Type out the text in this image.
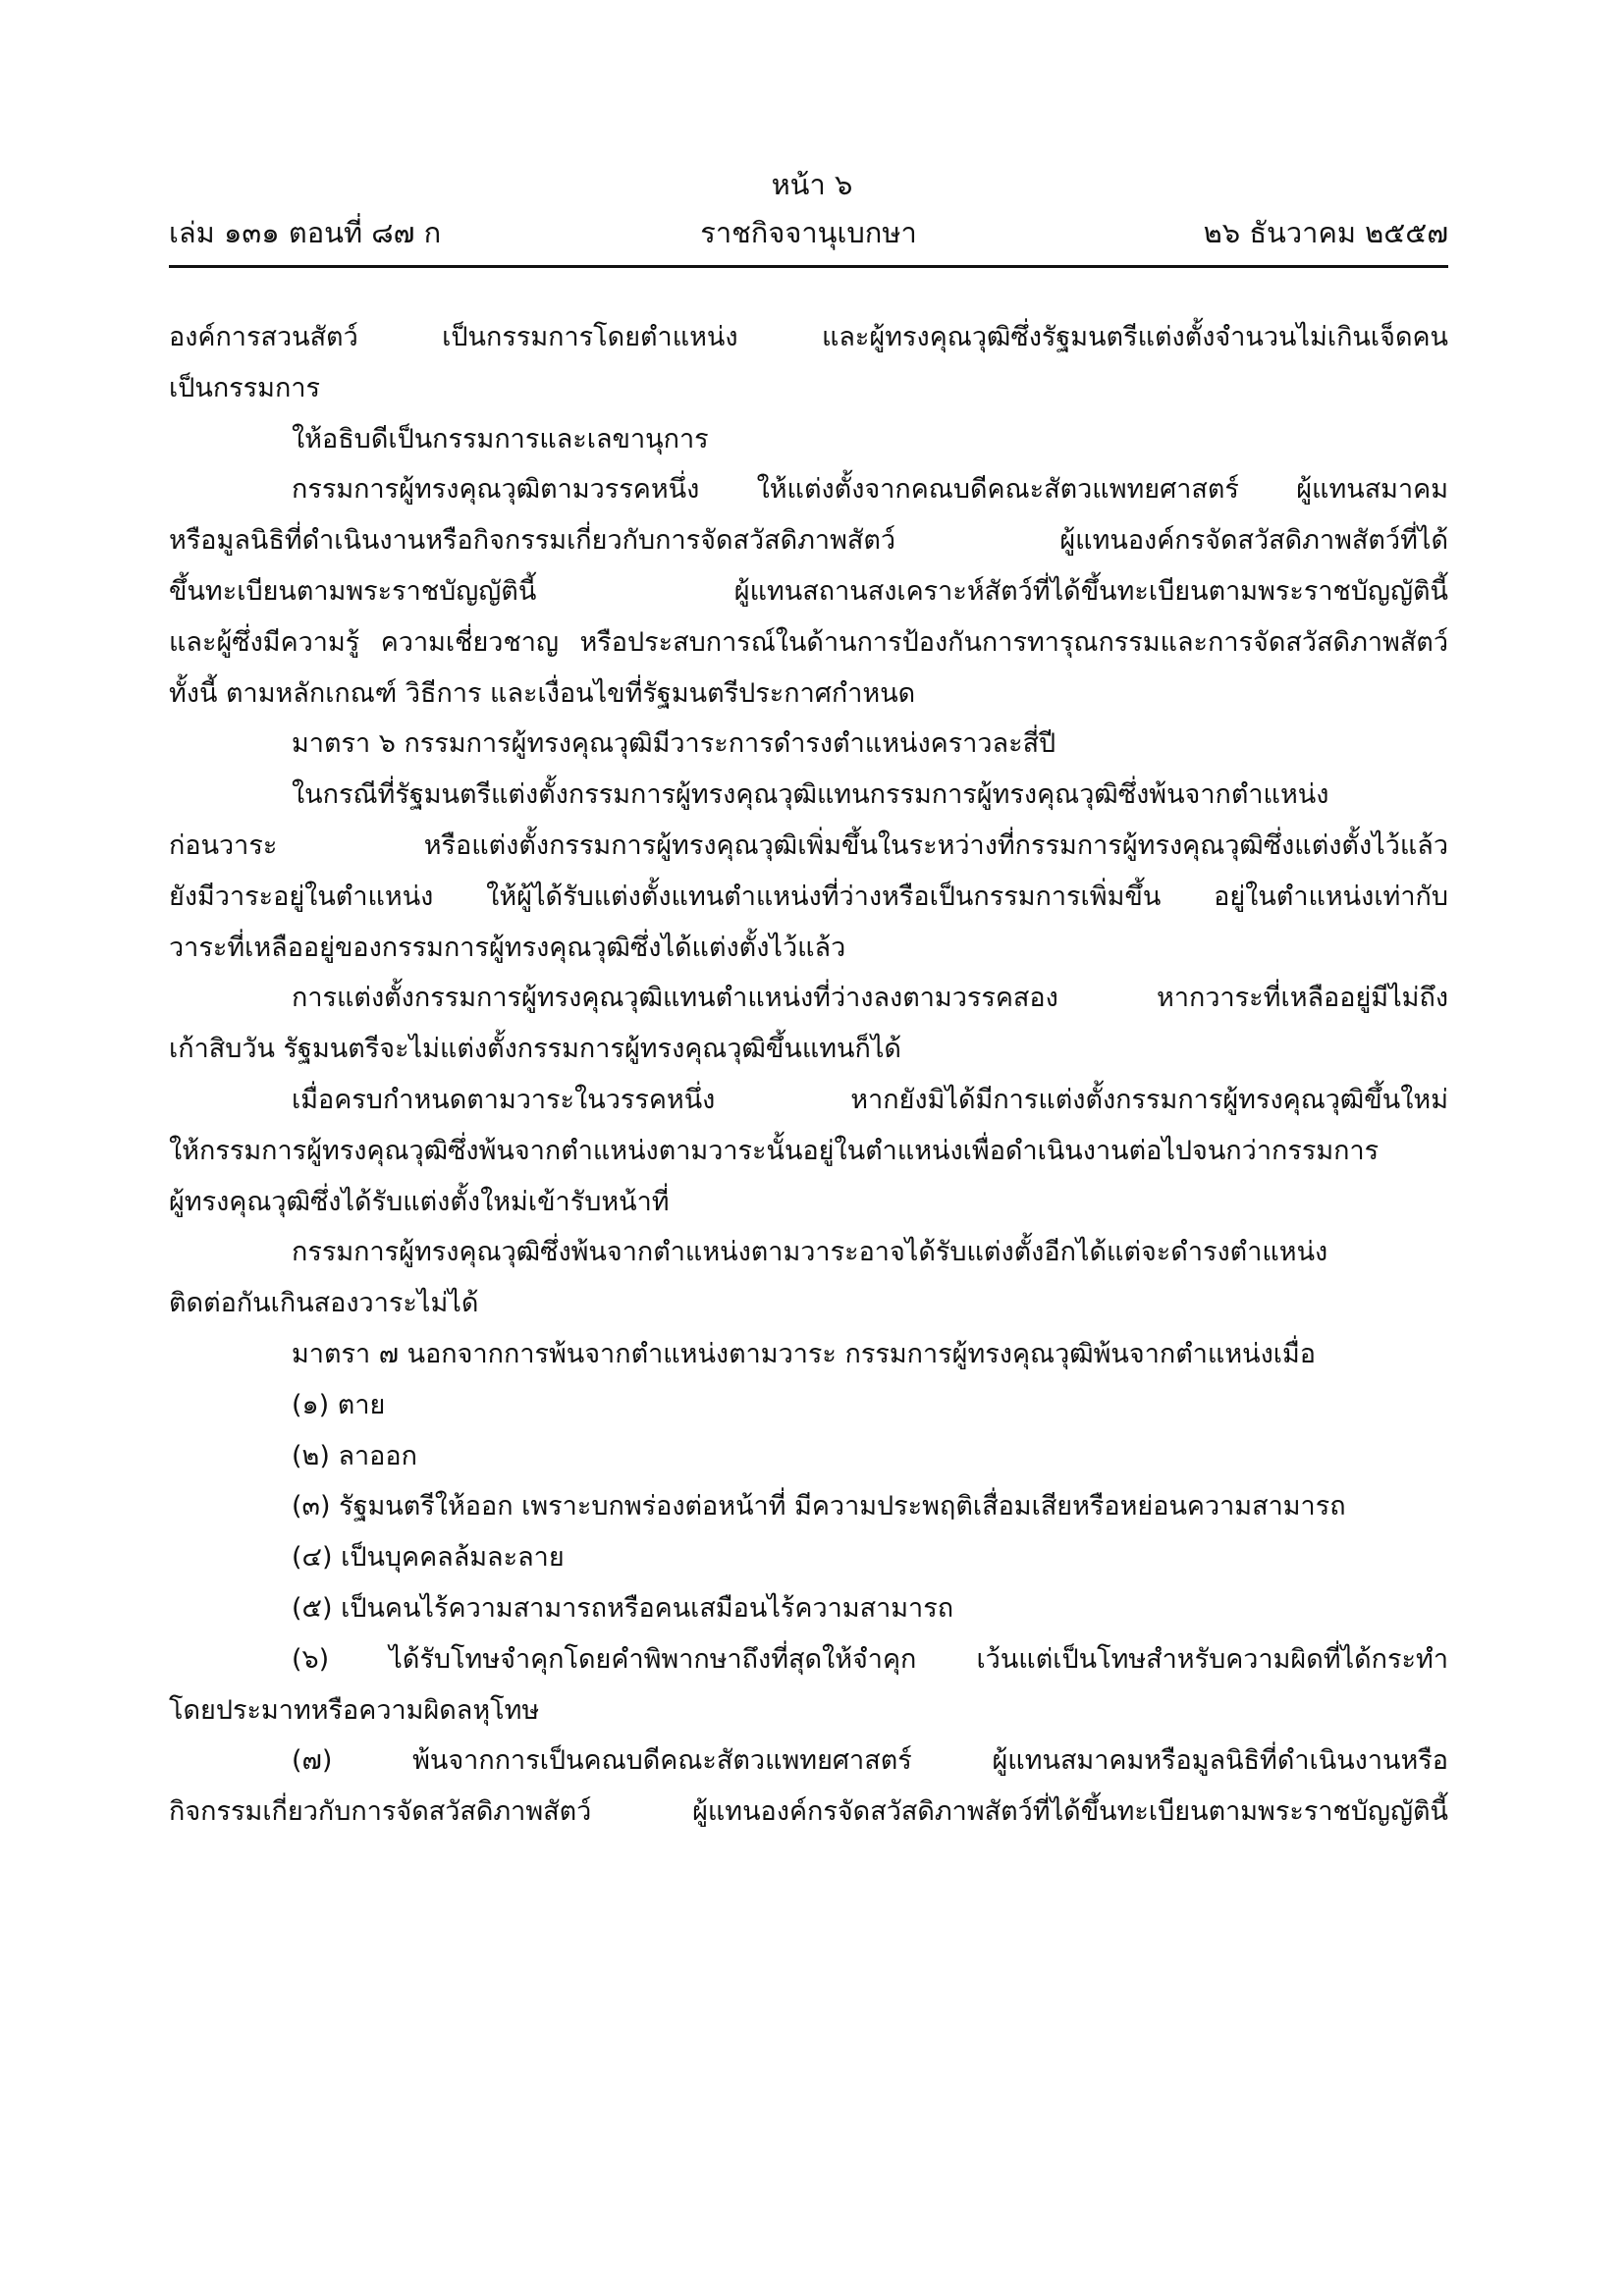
หน้า ๖
เล่ม ๑๓๑ ตอนที่ ๘๗ ก	ราชกิจจานุเบกษา	๒๖ ธันวาคม ๒๕๕๗
องค์การสวนสัตว์ เป็นกรรมการโดยตำแหน่ง และผู้ทรงคุณวุฒิซึ่งรัฐมนตรีแต่งตั้งจำนวนไม่เกินเจ็ดคน
เป็นกรรมการ
ให้อธิบดีเป็นกรรมการและเลขานุการ
กรรมการผู้ทรงคุณวุฒิตามวรรคหนึ่ง ให้แต่งตั้งจากคณบดีคณะสัตวแพทยศาสตร์ ผู้แทนสมาคม
หรือมูลนิธิที่ดำเนินงานหรือกิจกรรมเกี่ยวกับการจัดสวัสดิภาพสัตว์ ผู้แทนองค์กรจัดสวัสดิภาพสัตว์ที่ได้
ขึ้นทะเบียนตามพระราชบัญญัตินี้ ผู้แทนสถานสงเคราะห์สัตว์ที่ได้ขึ้นทะเบียนตามพระราชบัญญัตินี้
และผู้ซึ่งมีความรู้ ความเชี่ยวชาญ หรือประสบการณ์ในด้านการป้องกันการทารุณกรรมและการจัดสวัสดิภาพสัตว์
ทั้งนี้ ตามหลักเกณฑ์ วิธีการ และเงื่อนไขที่รัฐมนตรีประกาศกำหนด
มาตรา ๖ กรรมการผู้ทรงคุณวุฒิมีวาระการดำรงตำแหน่งคราวละสี่ปี
ในกรณีที่รัฐมนตรีแต่งตั้งกรรมการผู้ทรงคุณวุฒิแทนกรรมการผู้ทรงคุณวุฒิซึ่งพ้นจากตำแหน่ง
ก่อนวาระ หรือแต่งตั้งกรรมการผู้ทรงคุณวุฒิเพิ่มขึ้นในระหว่างที่กรรมการผู้ทรงคุณวุฒิซึ่งแต่งตั้งไว้แล้ว
ยังมีวาระอยู่ในตำแหน่ง ให้ผู้ได้รับแต่งตั้งแทนตำแหน่งที่ว่างหรือเป็นกรรมการเพิ่มขึ้น อยู่ในตำแหน่งเท่ากับ
วาระที่เหลืออยู่ของกรรมการผู้ทรงคุณวุฒิซึ่งได้แต่งตั้งไว้แล้ว
การแต่งตั้งกรรมการผู้ทรงคุณวุฒิแทนตำแหน่งที่ว่างลงตามวรรคสอง หากวาระที่เหลืออยู่มีไม่ถึง
เก้าสิบวัน รัฐมนตรีจะไม่แต่งตั้งกรรมการผู้ทรงคุณวุฒิขึ้นแทนก็ได้
เมื่อครบกำหนดตามวาระในวรรคหนึ่ง หากยังมิได้มีการแต่งตั้งกรรมการผู้ทรงคุณวุฒิขึ้นใหม่
ให้กรรมการผู้ทรงคุณวุฒิซึ่งพ้นจากตำแหน่งตามวาระนั้นอยู่ในตำแหน่งเพื่อดำเนินงานต่อไปจนกว่ากรรมการ
ผู้ทรงคุณวุฒิซึ่งได้รับแต่งตั้งใหม่เข้ารับหน้าที่
กรรมการผู้ทรงคุณวุฒิซึ่งพ้นจากตำแหน่งตามวาระอาจได้รับแต่งตั้งอีกได้แต่จะดำรงตำแหน่ง
ติดต่อกันเกินสองวาระไม่ได้
มาตรา ๗ นอกจากการพ้นจากตำแหน่งตามวาระ กรรมการผู้ทรงคุณวุฒิพ้นจากตำแหน่งเมื่อ
(๑) ตาย
(๒) ลาออก
(๓) รัฐมนตรีให้ออก เพราะบกพร่องต่อหน้าที่ มีความประพฤติเสื่อมเสียหรือหย่อนความสามารถ
(๔) เป็นบุคคลล้มละลาย
(๕) เป็นคนไร้ความสามารถหรือคนเสมือนไร้ความสามารถ
(๖) ได้รับโทษจำคุกโดยคำพิพากษาถึงที่สุดให้จำคุก เว้นแต่เป็นโทษสำหรับความผิดที่ได้กระทำ
โดยประมาทหรือความผิดลหุโทษ
(๗) พ้นจากการเป็นคณบดีคณะสัตวแพทยศาสตร์ ผู้แทนสมาคมหรือมูลนิธิที่ดำเนินงานหรือ
กิจกรรมเกี่ยวกับการจัดสวัสดิภาพสัตว์ ผู้แทนองค์กรจัดสวัสดิภาพสัตว์ที่ได้ขึ้นทะเบียนตามพระราชบัญญัตินี้
